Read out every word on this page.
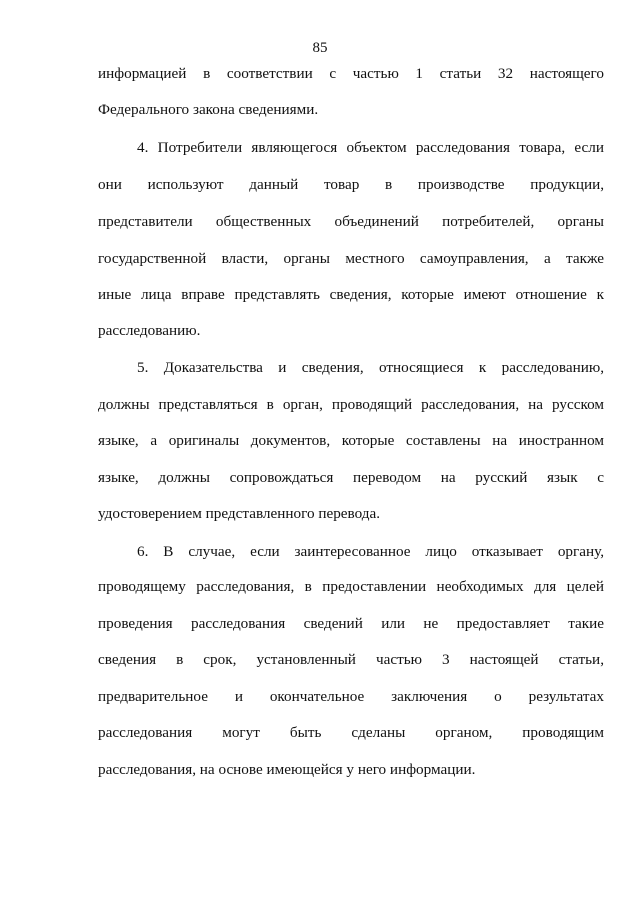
85
информацией в соответствии с частью 1 статьи 32 настоящего
Федерального закона сведениями.
4. Потребители являющегося объектом расследования товара, если
они используют данный товар в производстве продукции,
представители общественных объединений потребителей, органы
государственной власти, органы местного самоуправления, а также
иные лица вправе представлять сведения, которые имеют отношение к
расследованию.
5. Доказательства и сведения, относящиеся к расследованию,
должны представляться в орган, проводящий расследования, на русском
языке, а оригиналы документов, которые составлены на иностранном
языке, должны сопровождаться переводом на русский язык с
удостоверением представленного перевода.
6. В случае, если заинтересованное лицо отказывает органу,
проводящему расследования, в предоставлении необходимых для целей
проведения расследования сведений или не предоставляет такие
сведения в срок, установленный частью 3 настоящей статьи,
предварительное и окончательное заключения о результатах
расследования могут быть сделаны органом, проводящим
расследования, на основе имеющейся у него информации.
